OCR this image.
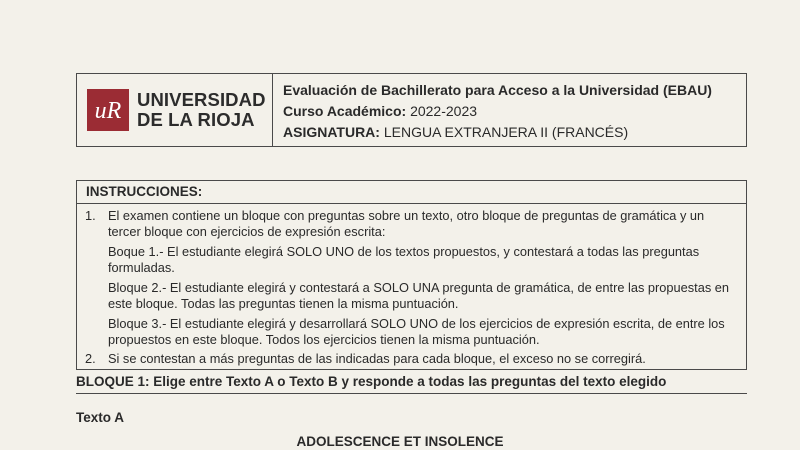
uR UNIVERSIDAD
DE LA RIOJA
Evaluación de Bachillerato para Acceso a la Universidad (EBAU)
Curso Académico: 2022-2023
ASIGNATURA: LENGUA EXTRANJERA II (FRANCÉS)
INSTRUCCIONES:
1. El examen contiene un bloque con preguntas sobre un texto, otro bloque de preguntas de gramática y un tercer bloque con ejercicios de expresión escrita:
Boque 1.- El estudiante elegirá SOLO UNO de los textos propuestos, y contestará a todas las preguntas formuladas.
Bloque 2.- El estudiante elegirá y contestará a SOLO UNA pregunta de gramática, de entre las propuestas en este bloque. Todas las preguntas tienen la misma puntuación.
Bloque 3.- El estudiante elegirá y desarrollará SOLO UNO de los ejercicios de expresión escrita, de entre los propuestos en este bloque. Todos los ejercicios tienen la misma puntuación.
2. Si se contestan a más preguntas de las indicadas para cada bloque, el exceso no se corregirá.
BLOQUE 1: Elige entre Texto A o Texto B y responde a todas las preguntas del texto elegido
Texto A
ADOLESCENCE ET INSOLENCE
